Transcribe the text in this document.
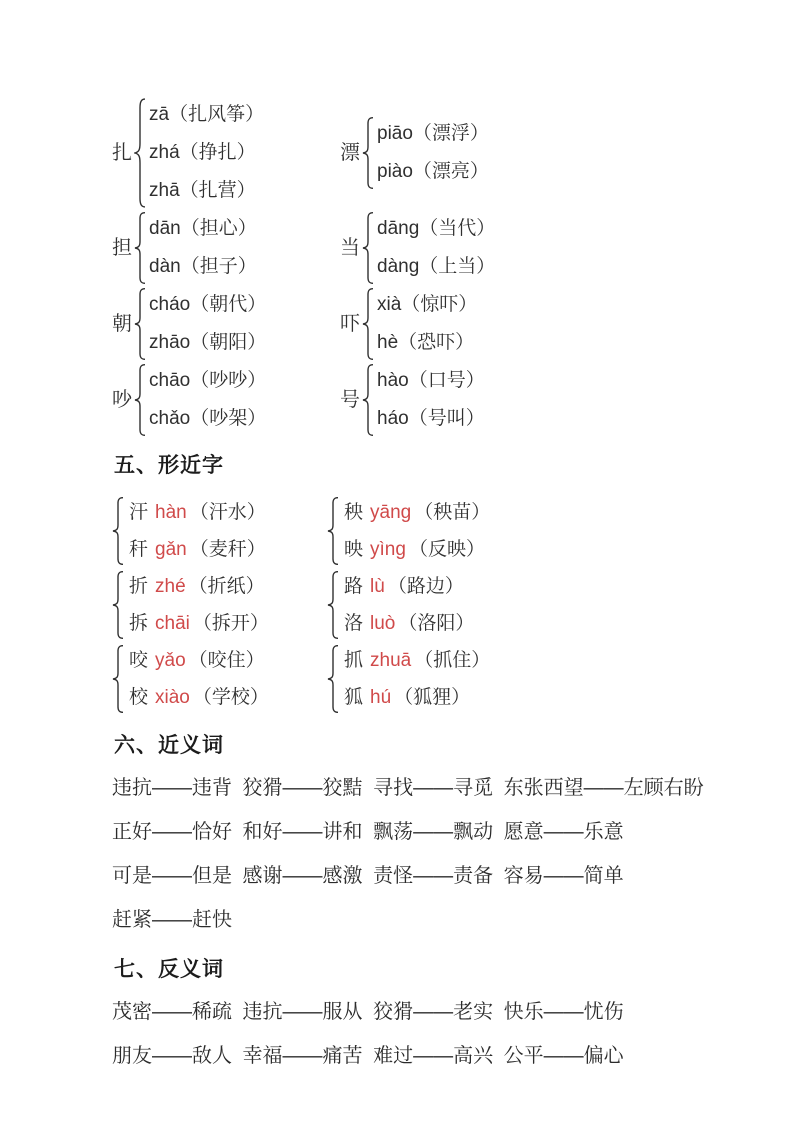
扎
zā（扎风筝）
zhá（挣扎）
zhā（扎营）
漂
piāo（漂浮）
piào（漂亮）
担
dān（担心）
dàn（担子）
当
dāng（当代）
dàng（上当）
朝
cháo（朝代）
zhāo（朝阳）
吓
xià（惊吓）
hè（恐吓）
吵
chāo（吵吵）
chǎo（吵架）
号
hào（口号）
háo（号叫）
五、形近字
汗 hàn （汗水）
秆 gǎn （麦秆）
秧 yāng （秧苗）
映 yìng （反映）
折 zhé （折纸）
拆 chāi （拆开）
路 lù （路边）
洛 luò （洛阳）
咬 yǎo （咬住）
校 xiào （学校）
抓 zhuā （抓住）
狐 hú （狐狸）
六、近义词
违抗——违背 狡猾——狡黠 寻找——寻觅 东张西望——左顾右盼
正好——恰好 和好——讲和 飘荡——飘动 愿意——乐意
可是——但是 感谢——感激 责怪——责备 容易——简单
赶紧——赶快
七、反义词
茂密——稀疏 违抗——服从 狡猾——老实 快乐——忧伤
朋友——敌人 幸福——痛苦 难过——高兴 公平——偏心
